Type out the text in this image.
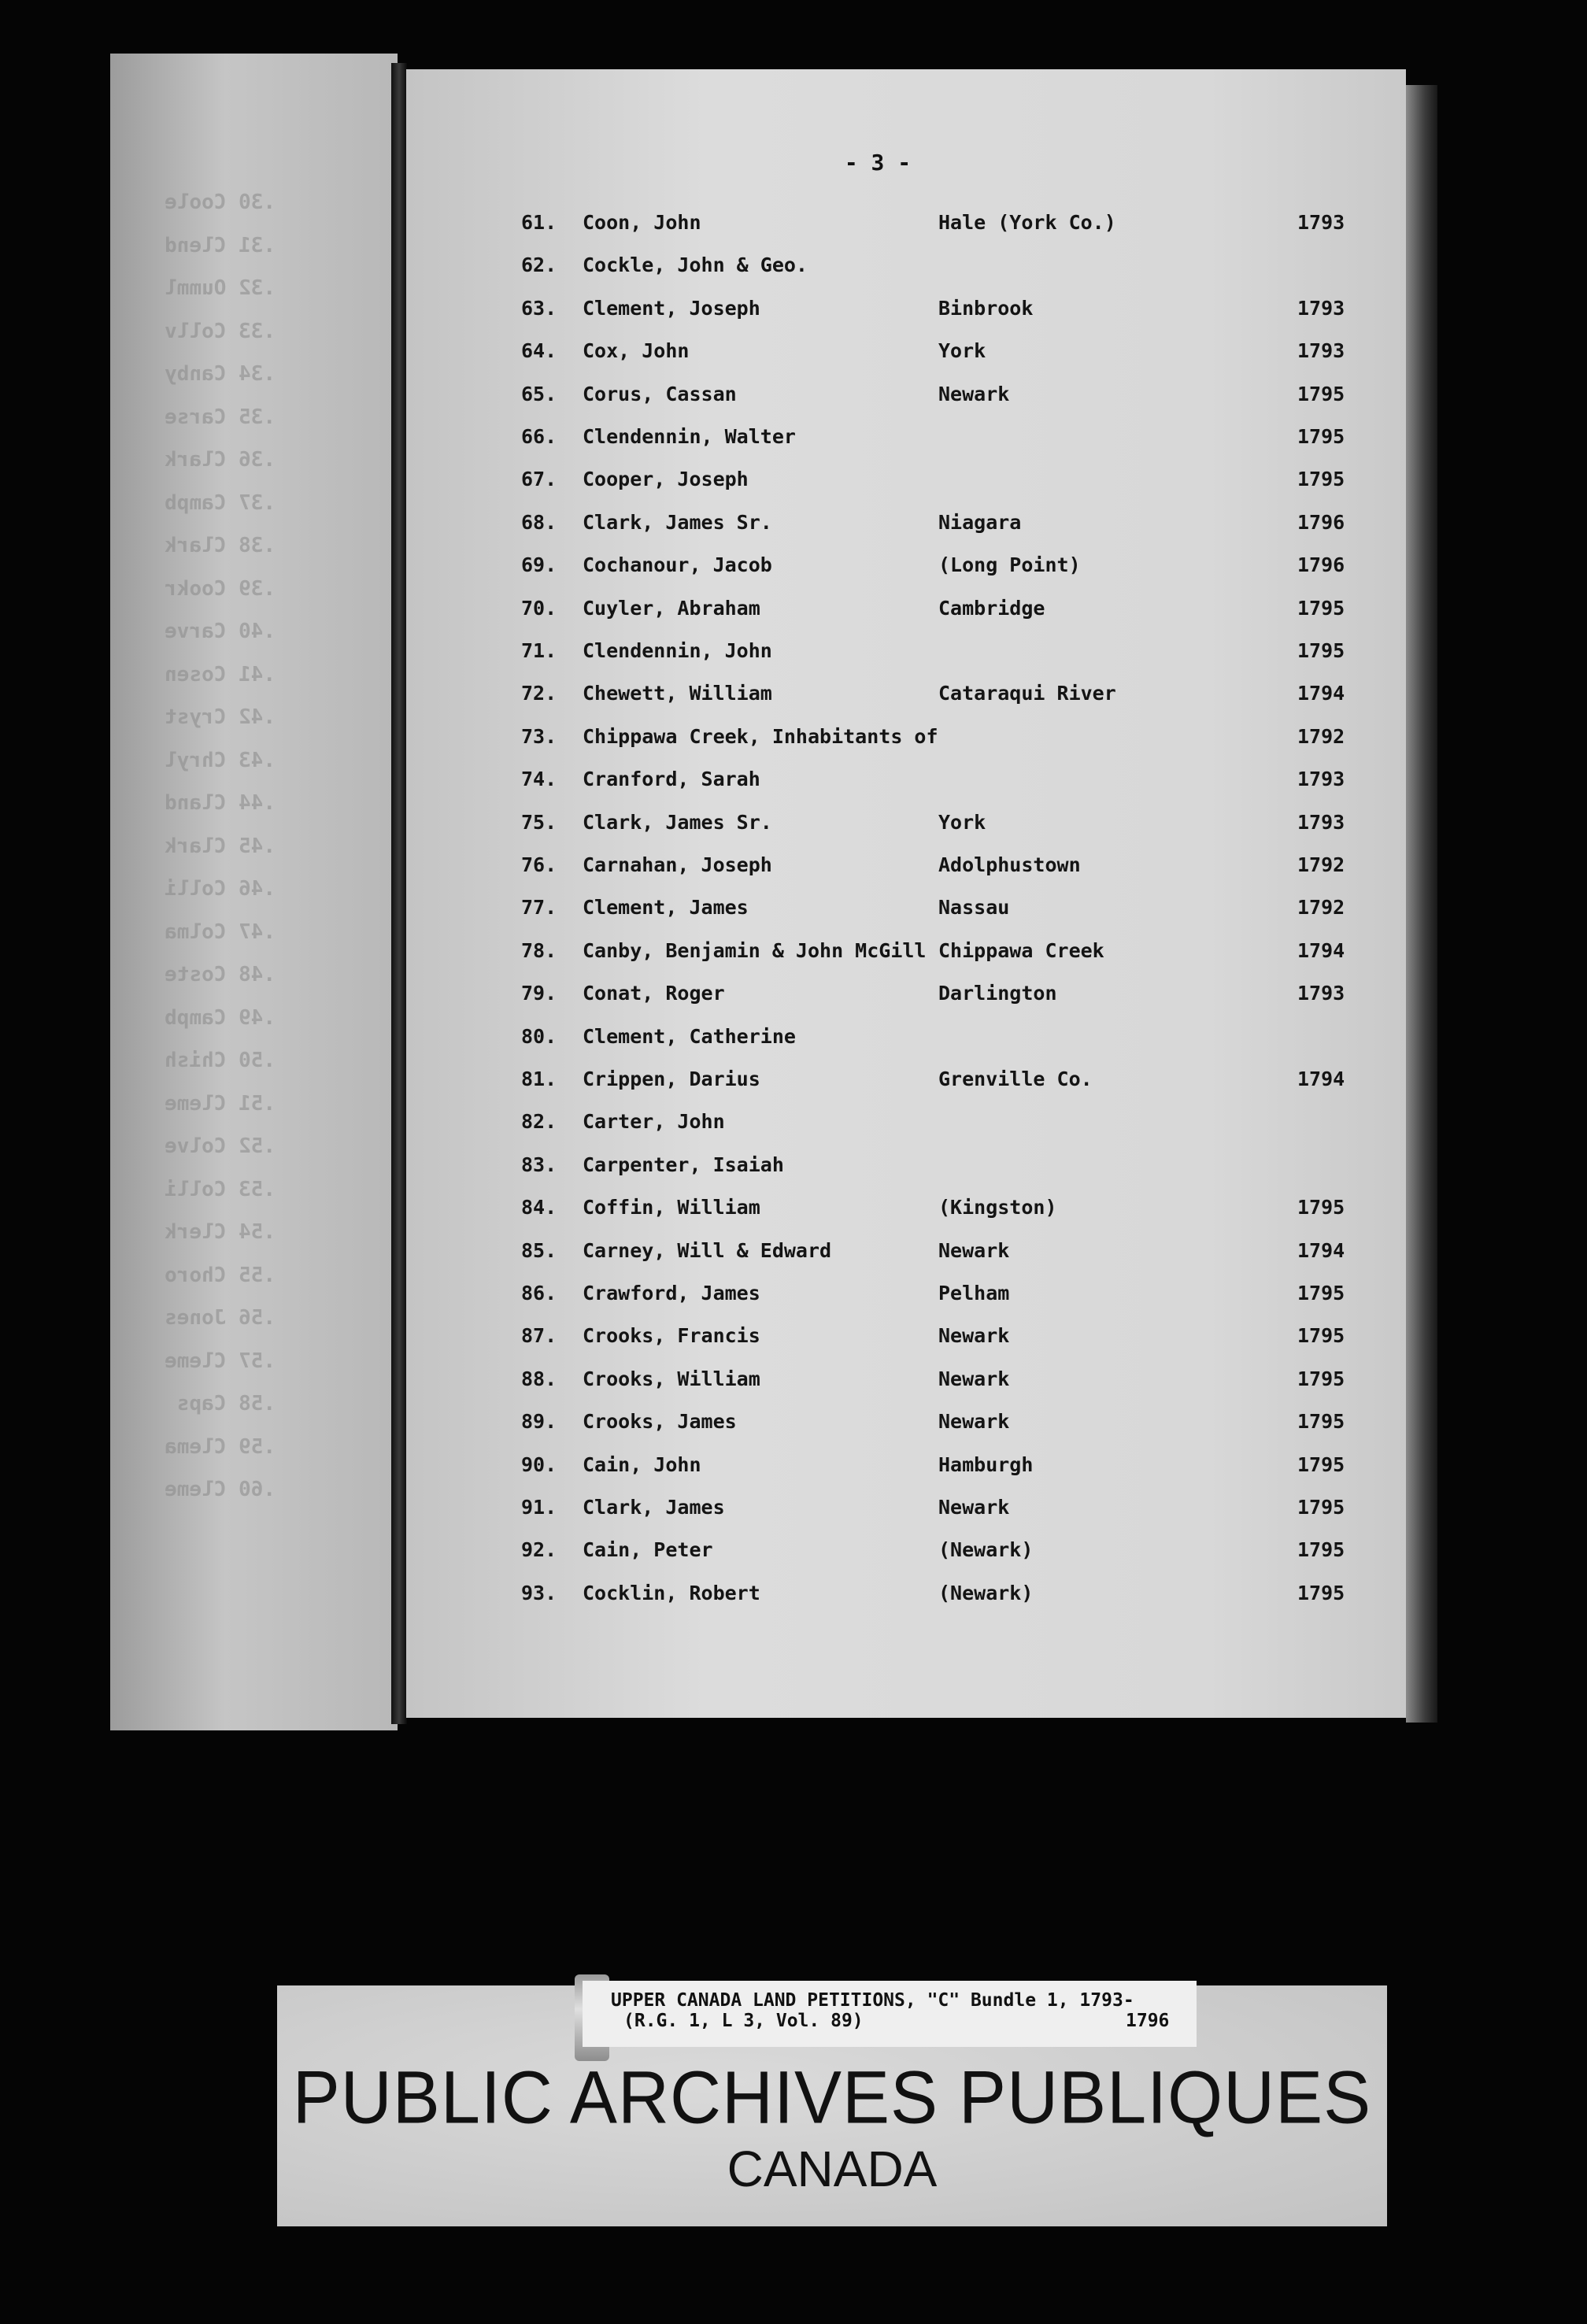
.30 Coole
.31 Clend
.32 Oumml
.33 Collv
.34 Canby
.35 Carse
.36 Clark
.37 Campb
.38 Clark
.39 Cookr
.40 Carve
.41 Cosen
.42 Cryst
.43 Chryl
.44 Cland
.45 Clark
.46 Colli
.47 Colma
.48 Coste
.49 Campb
.50 Chish
.51 Cleme
.52 Colve
.53 Colli
.54 Clerk
.55 Choro
.56 Jones
.57 Cleme
.58 Caps
.59 Clema
.60 Cleme
- 3 -
61. Coon, John	Hale (York Co.)	1793
62. Cockle, John & Geo.
63. Clement, Joseph	Binbrook	1793
64. Cox, John	York	1793
65. Corus, Cassan	Newark	1795
66. Clendennin, Walter	1795
67. Cooper, Joseph	1795
68. Clark, James Sr.	Niagara	1796
69. Cochanour, Jacob	(Long Point)	1796
70. Cuyler, Abraham	Cambridge	1795
71. Clendennin, John	1795
72. Chewett, William	Cataraqui River	1794
73. Chippawa Creek, Inhabitants of	1792
74. Cranford, Sarah	1793
75. Clark, James Sr.	York	1793
76. Carnahan, Joseph	Adolphustown	1792
77. Clement, James	Nassau	1792
78. Canby, Benjamin & John McGill Chippawa Creek	1794
79. Conat, Roger	Darlington	1793
80. Clement, Catherine
81. Crippen, Darius	Grenville Co.	1794
82. Carter, John
83. Carpenter, Isaiah
84. Coffin, William	(Kingston)	1795
85. Carney, Will & Edward	Newark	1794
86. Crawford, James	Pelham	1795
87. Crooks, Francis	Newark	1795
88. Crooks, William	Newark	1795
89. Crooks, James	Newark	1795
90. Cain, John	Hamburgh	1795
91. Clark, James	Newark	1795
92. Cain, Peter	(Newark)	1795
93. Cocklin, Robert	(Newark)	1795
UPPER CANADA LAND PETITIONS, "C" Bundle 1, 1793-
(R.G. 1, L 3, Vol. 89)	1796
PUBLIC ARCHIVES PUBLIQUES
CANADA
